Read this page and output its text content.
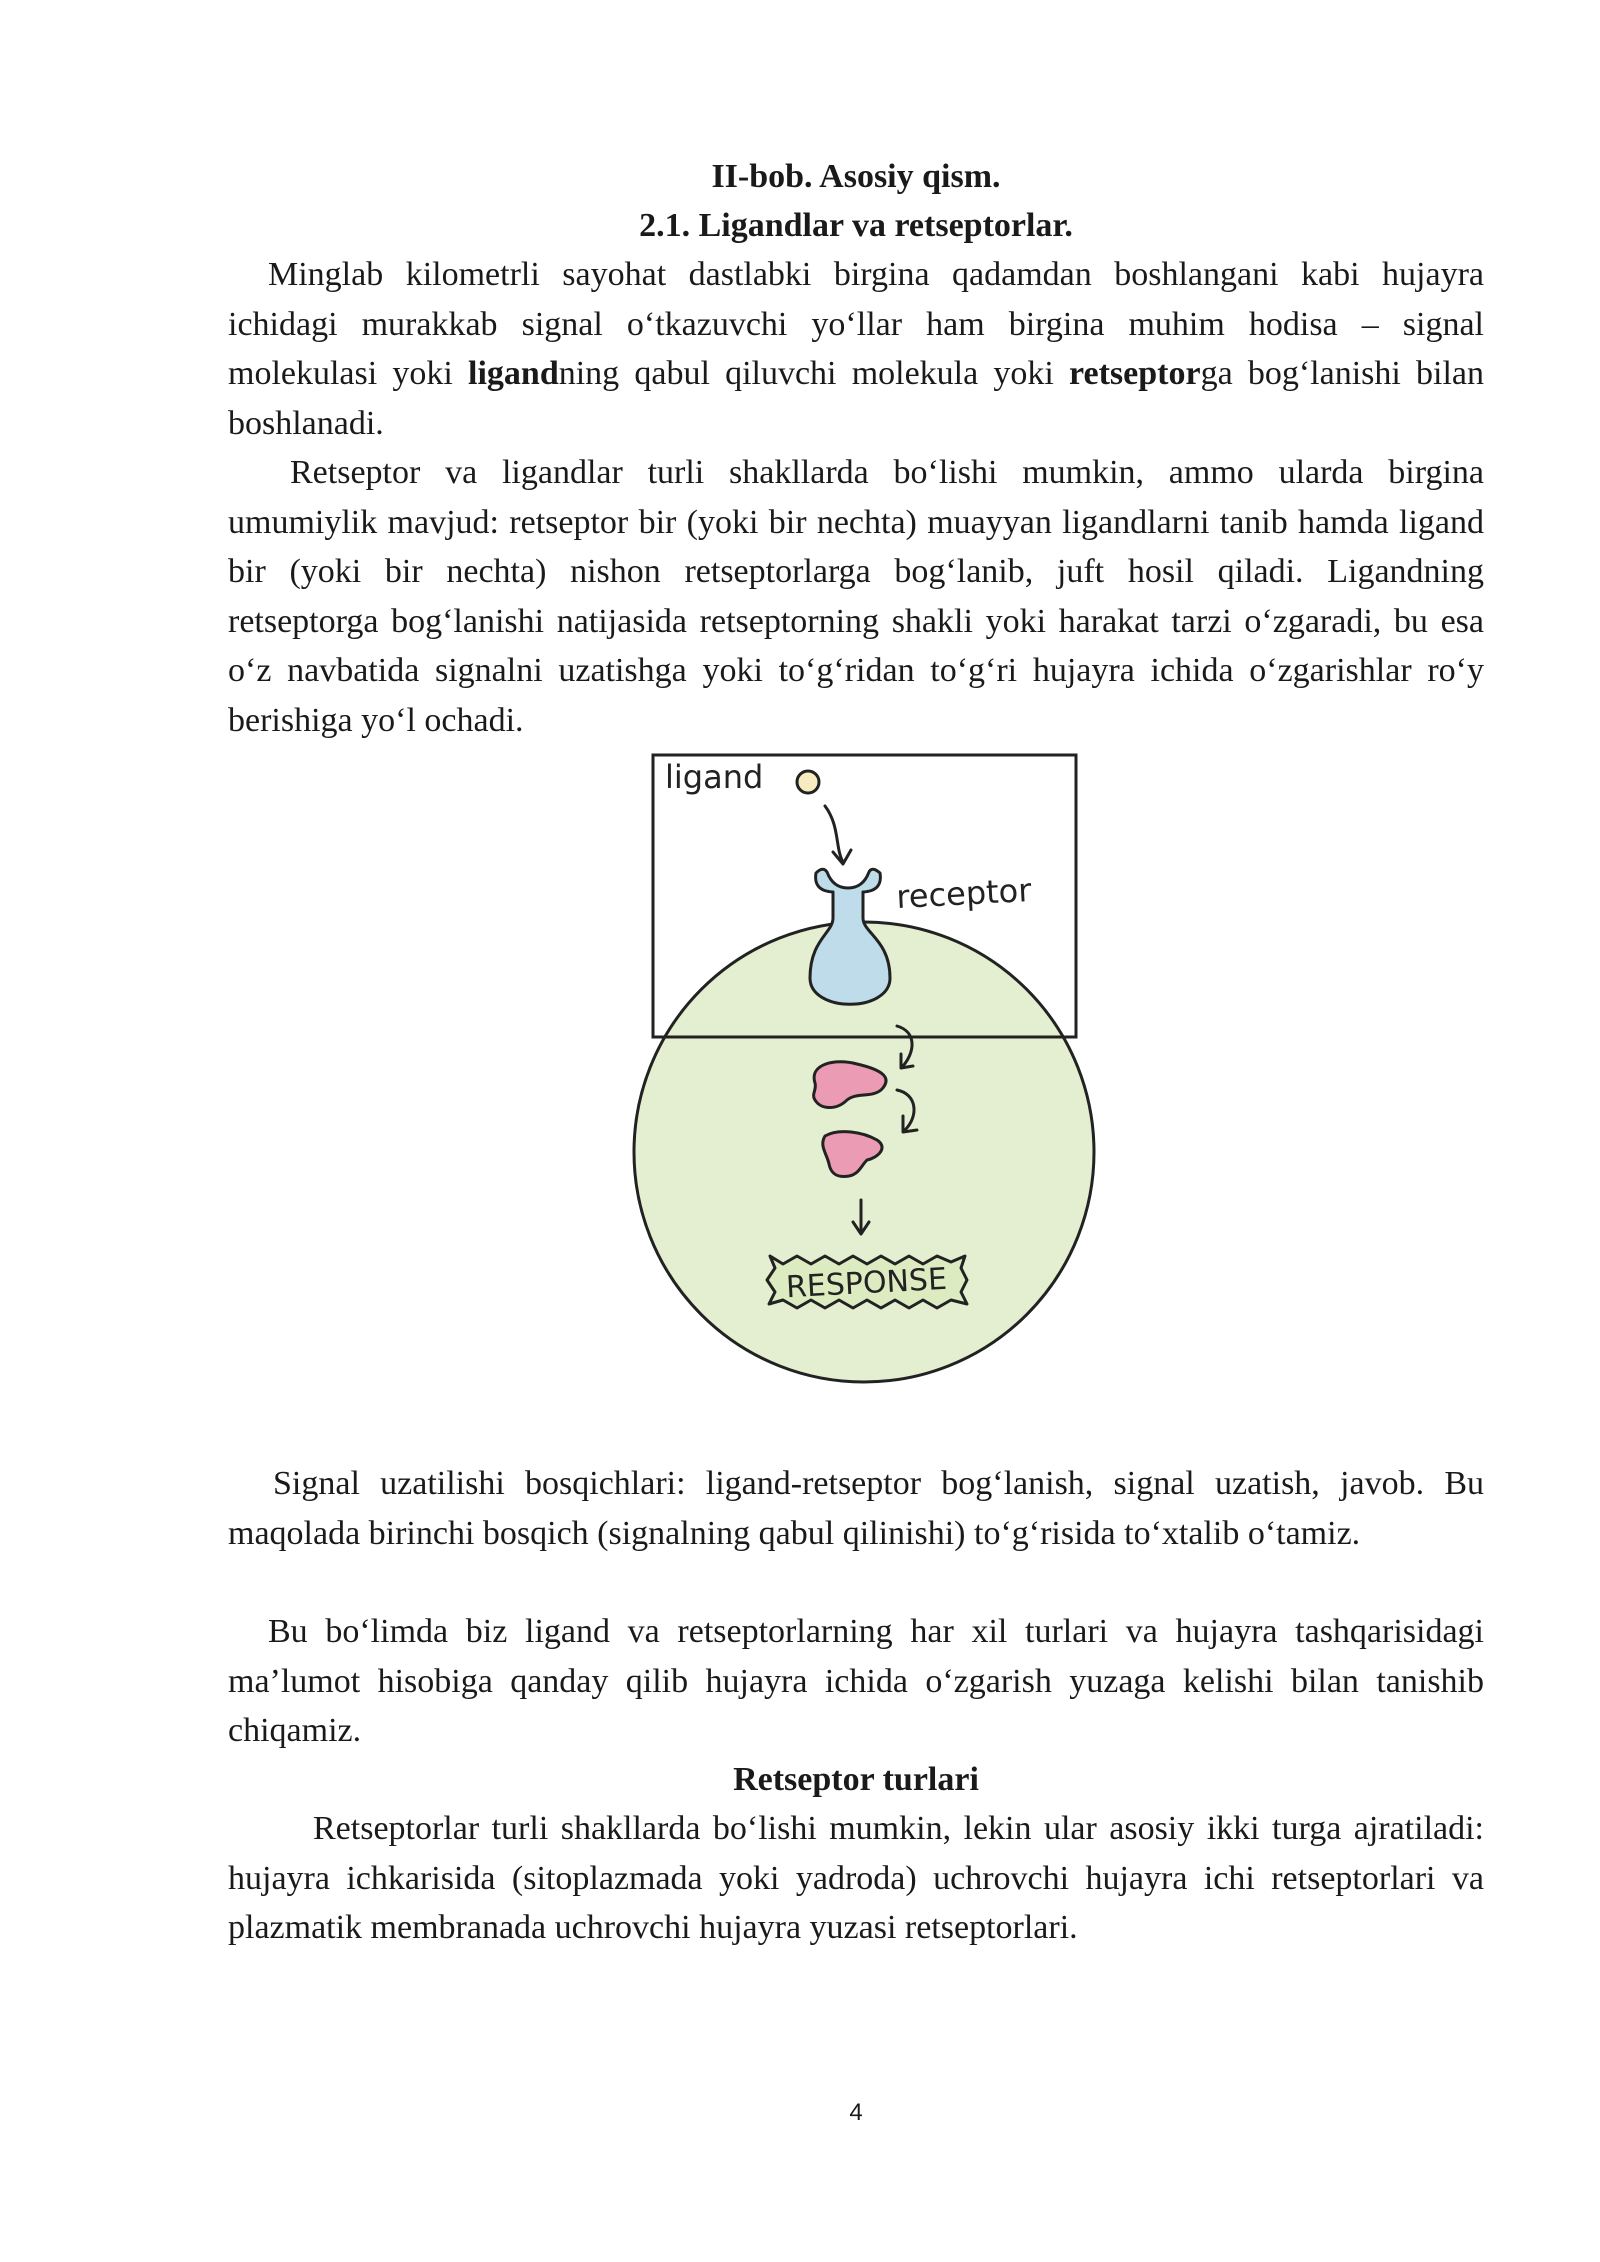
II-bob. Asosiy qism.
2.1. Ligandlar va retseptorlar.

Minglab kilometrli sayohat dastlabki birgina qadamdan boshlangani kabi hujayra ichidagi murakkab signal o‘tkazuvchi yo‘llar ham birgina muhim hodisa – signal molekulasi yoki ligandning qabul qiluvchi molekula yoki retseptorga bog‘lanishi bilan boshlanadi.

Retseptor va ligandlar turli shakllarda bo‘lishi mumkin, ammo ularda birgina umumiylik mavjud: retseptor bir (yoki bir nechta) muayyan ligandlarni tanib hamda ligand bir (yoki bir nechta) nishon retseptorlarga bog‘lanib, juft hosil qiladi. Ligandning retseptorga bog‘lanishi natijasida retseptorning shakli yoki harakat tarzi o‘zgaradi, bu esa o‘z navbatida signalni uzatishga yoki to‘g‘ridan to‘g‘ri hujayra ichida o‘zgarishlar ro‘y berishiga yo‘l ochadi.

ligand
receptor
RESPONSE

Signal uzatilishi bosqichlari: ligand-retseptor bog‘lanish, signal uzatish, javob. Bu maqolada birinchi bosqich (signalning qabul qilinishi) to‘g‘risida to‘xtalib o‘tamiz.

Bu bo‘limda biz ligand va retseptorlarning har xil turlari va hujayra tashqarisidagi ma’lumot hisobiga qanday qilib hujayra ichida o‘zgarish yuzaga kelishi bilan tanishib chiqamiz.

Retseptor turlari

Retseptorlar turli shakllarda bo‘lishi mumkin, lekin ular asosiy ikki turga ajratiladi: hujayra ichkarisida (sitoplazmada yoki yadroda) uchrovchi hujayra ichi retseptorlari va plazmatik membranada uchrovchi hujayra yuzasi retseptorlari.

4
